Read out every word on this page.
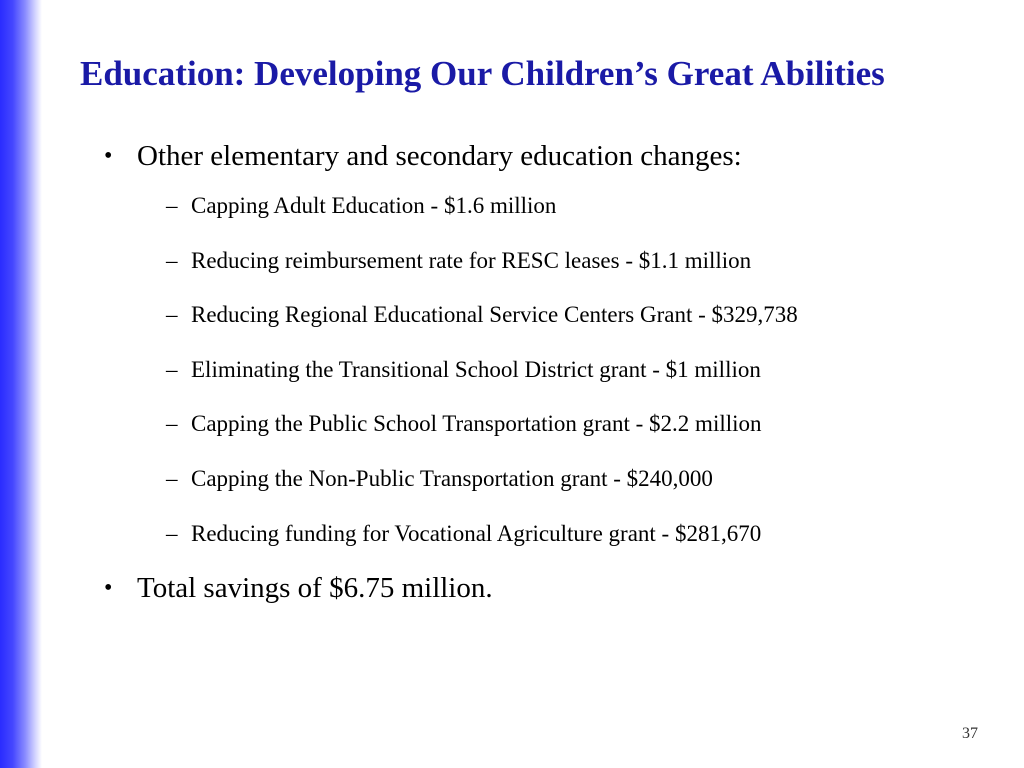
Education: Developing Our Children’s Great Abilities
• Other elementary and secondary education changes:
– Capping Adult Education - $1.6 million
– Reducing reimbursement rate for RESC leases - $1.1 million
– Reducing Regional Educational Service Centers Grant - $329,738
– Eliminating the Transitional School District grant - $1 million
– Capping the Public School Transportation grant - $2.2 million
– Capping the Non-Public Transportation grant - $240,000
– Reducing funding for Vocational Agriculture grant - $281,670
• Total savings of $6.75 million.
37
